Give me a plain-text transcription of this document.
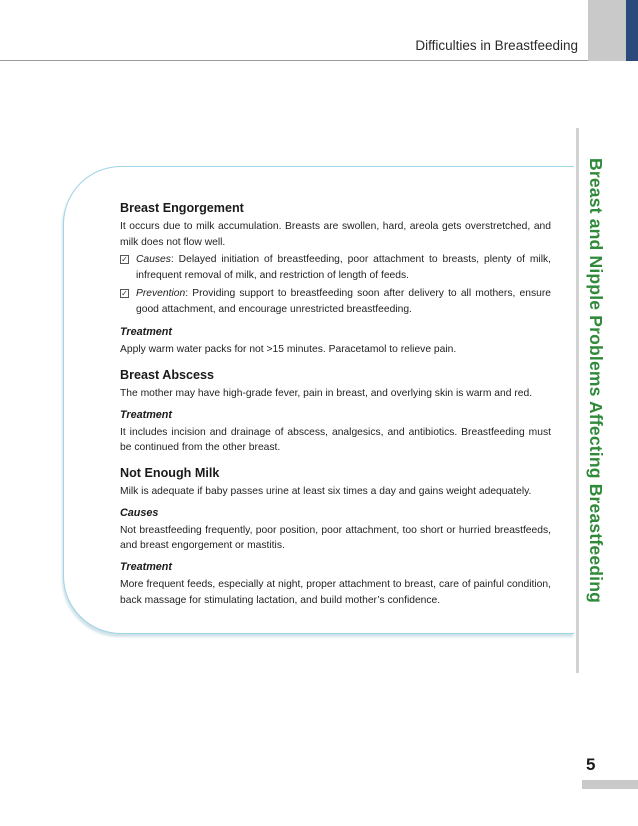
Difficulties in Breastfeeding
Breast and Nipple Problems Affecting Breastfeeding
Breast Engorgement

It occurs due to milk accumulation. Breasts are swollen, hard, areola gets overstretched, and milk does not flow well.

✓
Causes: Delayed initiation of breastfeeding, poor attachment to breasts, plenty of milk, infrequent removal of milk, and restriction of length of feeds.
✓
Prevention: Providing support to breastfeeding soon after delivery to all mothers, ensure good attachment, and encourage unrestricted breastfeeding.
Treatment

Apply warm water packs for not >15 minutes. Paracetamol to relieve pain.

Breast Abscess

The mother may have high-grade fever, pain in breast, and overlying skin is warm and red.

Treatment

It includes incision and drainage of abscess, analgesics, and antibiotics. Breastfeeding must be continued from the other breast.

Not Enough Milk

Milk is adequate if baby passes urine at least six times a day and gains weight adequately.

Causes

Not breastfeeding frequently, poor position, poor attachment, too short or hurried breastfeeds, and breast engorgement or mastitis.

Treatment

More frequent feeds, especially at night, proper attachment to breast, care of painful condition, back massage for stimulating lactation, and build mother’s confidence.

5
